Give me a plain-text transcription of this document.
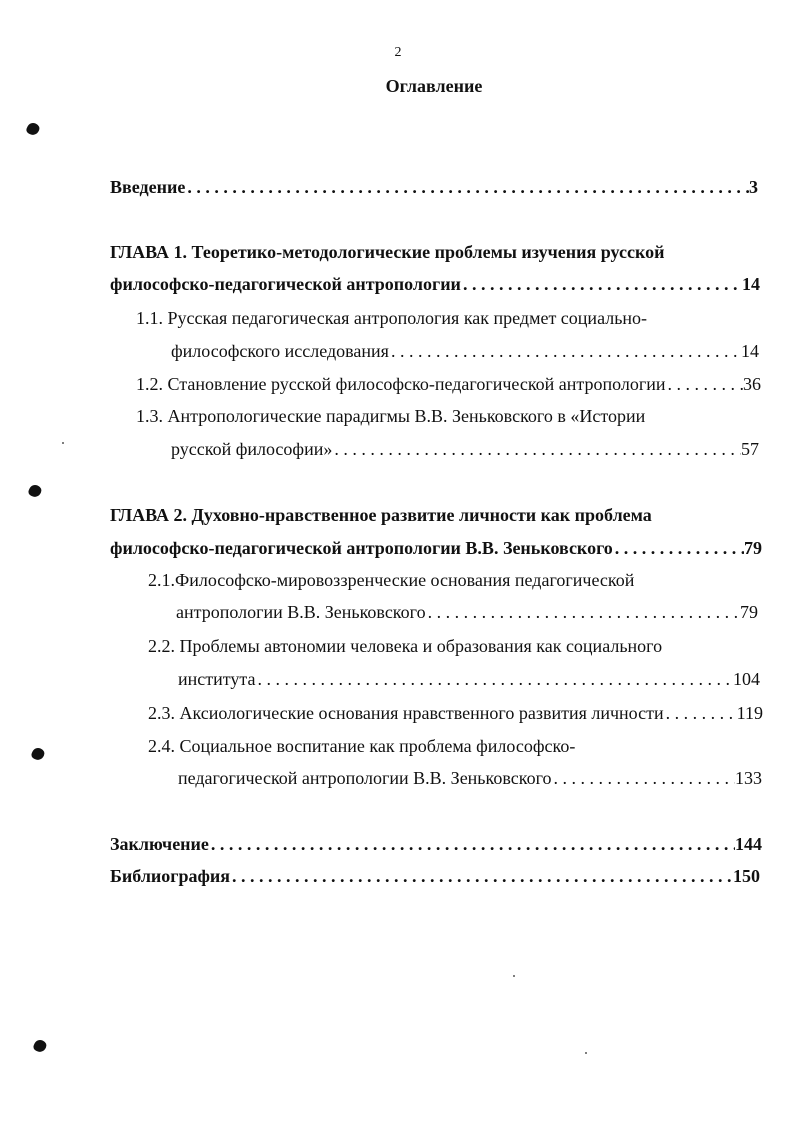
2
Оглавление
Введение . . .	3
ГЛАВА 1. Теоретико-методологические проблемы изучения русской
философско-педагогической антропологии . . .	14
1.1. Русская педагогическая антропология как предмет социально-
философского исследования . . .	14
1.2. Становление русской философско-педагогической антропологии . . .	36
1.3. Антропологические парадигмы В.В. Зеньковского в «Истории
русской философии» . . .	57
ГЛАВА 2. Духовно-нравственное развитие личности как проблема
философско-педагогической антропологии В.В. Зеньковского . . .	79
2.1.Философско-мировоззренческие основания педагогической
антропологии В.В. Зеньковского . . .	79
2.2. Проблемы автономии человека и образования как социального
института . . .	104
2.3. Аксиологические основания нравственного развития личности . . .	119
2.4. Социальное воспитание как проблема философско-
педагогической антропологии В.В. Зеньковского . . .	133
Заключение . . .	144
Библиография . . .	150
